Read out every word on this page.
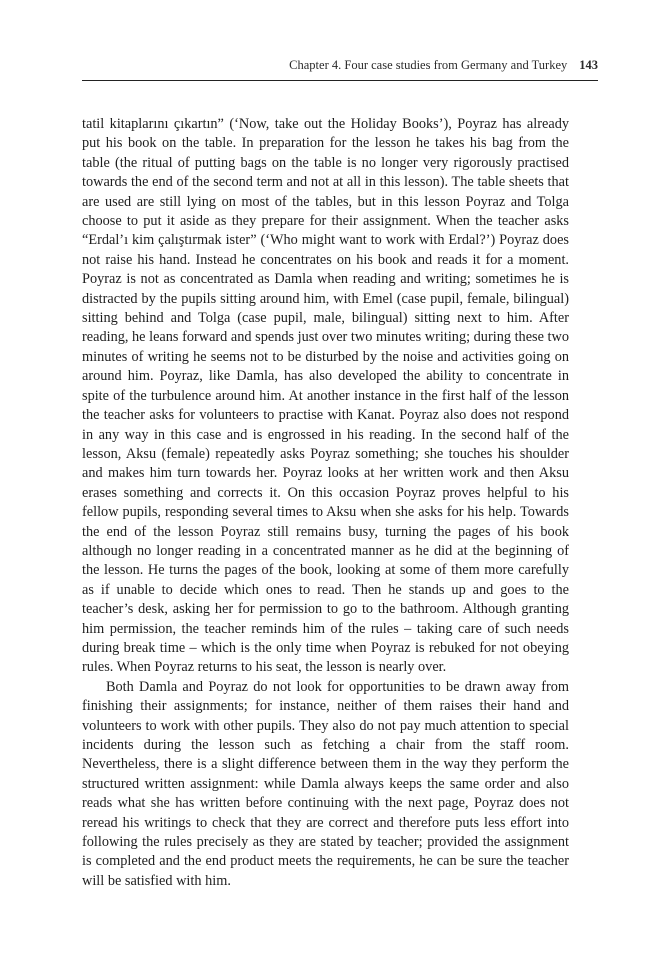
Chapter 4. Four case studies from Germany and Turkey 143

tatil kitaplarını çıkartın” (‘Now, take out the Holiday Books’), Poyraz has already put his book on the table. In preparation for the lesson he takes his bag from the table (the ritual of putting bags on the table is no longer very rigorously practised towards the end of the second term and not at all in this lesson). The table sheets that are used are still lying on most of the tables, but in this lesson Poyraz and Tolga choose to put it aside as they prepare for their assignment. When the teacher asks “Erdal’ı kim çalıştırmak ister” (‘Who might want to work with Erdal?’) Poyraz does not raise his hand. Instead he concentrates on his book and reads it for a moment. Poyraz is not as concentrated as Damla when reading and writing; sometimes he is distracted by the pupils sitting around him, with Emel (case pupil, female, bilingual) sitting behind and Tolga (case pupil, male, bilingual) sitting next to him. After reading, he leans forward and spends just over two minutes writing; during these two minutes of writing he seems not to be disturbed by the noise and activities going on around him. Poyraz, like Damla, has also developed the ability to concentrate in spite of the turbulence around him. At another instance in the first half of the lesson the teacher asks for volunteers to practise with Kanat. Poyraz also does not respond in any way in this case and is engrossed in his reading. In the second half of the lesson, Aksu (female) repeatedly asks Poyraz something; she touches his shoulder and makes him turn towards her. Poyraz looks at her written work and then Aksu erases something and corrects it. On this occasion Poyraz proves helpful to his fellow pupils, responding several times to Aksu when she asks for his help. Towards the end of the lesson Poyraz still remains busy, turning the pages of his book although no longer reading in a concentrated manner as he did at the beginning of the lesson. He turns the pages of the book, looking at some of them more carefully as if unable to decide which ones to read. Then he stands up and goes to the teacher’s desk, asking her for permission to go to the bathroom. Although granting him permission, the teacher reminds him of the rules – taking care of such needs during break time – which is the only time when Poyraz is rebuked for not obeying rules. When Poyraz returns to his seat, the lesson is nearly over.

Both Damla and Poyraz do not look for opportunities to be drawn away from finishing their assignments; for instance, neither of them raises their hand and volunteers to work with other pupils. They also do not pay much attention to special incidents during the lesson such as fetching a chair from the staff room. Nevertheless, there is a slight difference between them in the way they perform the structured written assignment: while Damla always keeps the same order and also reads what she has written before continuing with the next page, Poyraz does not reread his writings to check that they are correct and therefore puts less effort into following the rules precisely as they are stated by teacher; provided the assignment is completed and the end product meets the requirements, he can be sure the teacher will be satisfied with him.
